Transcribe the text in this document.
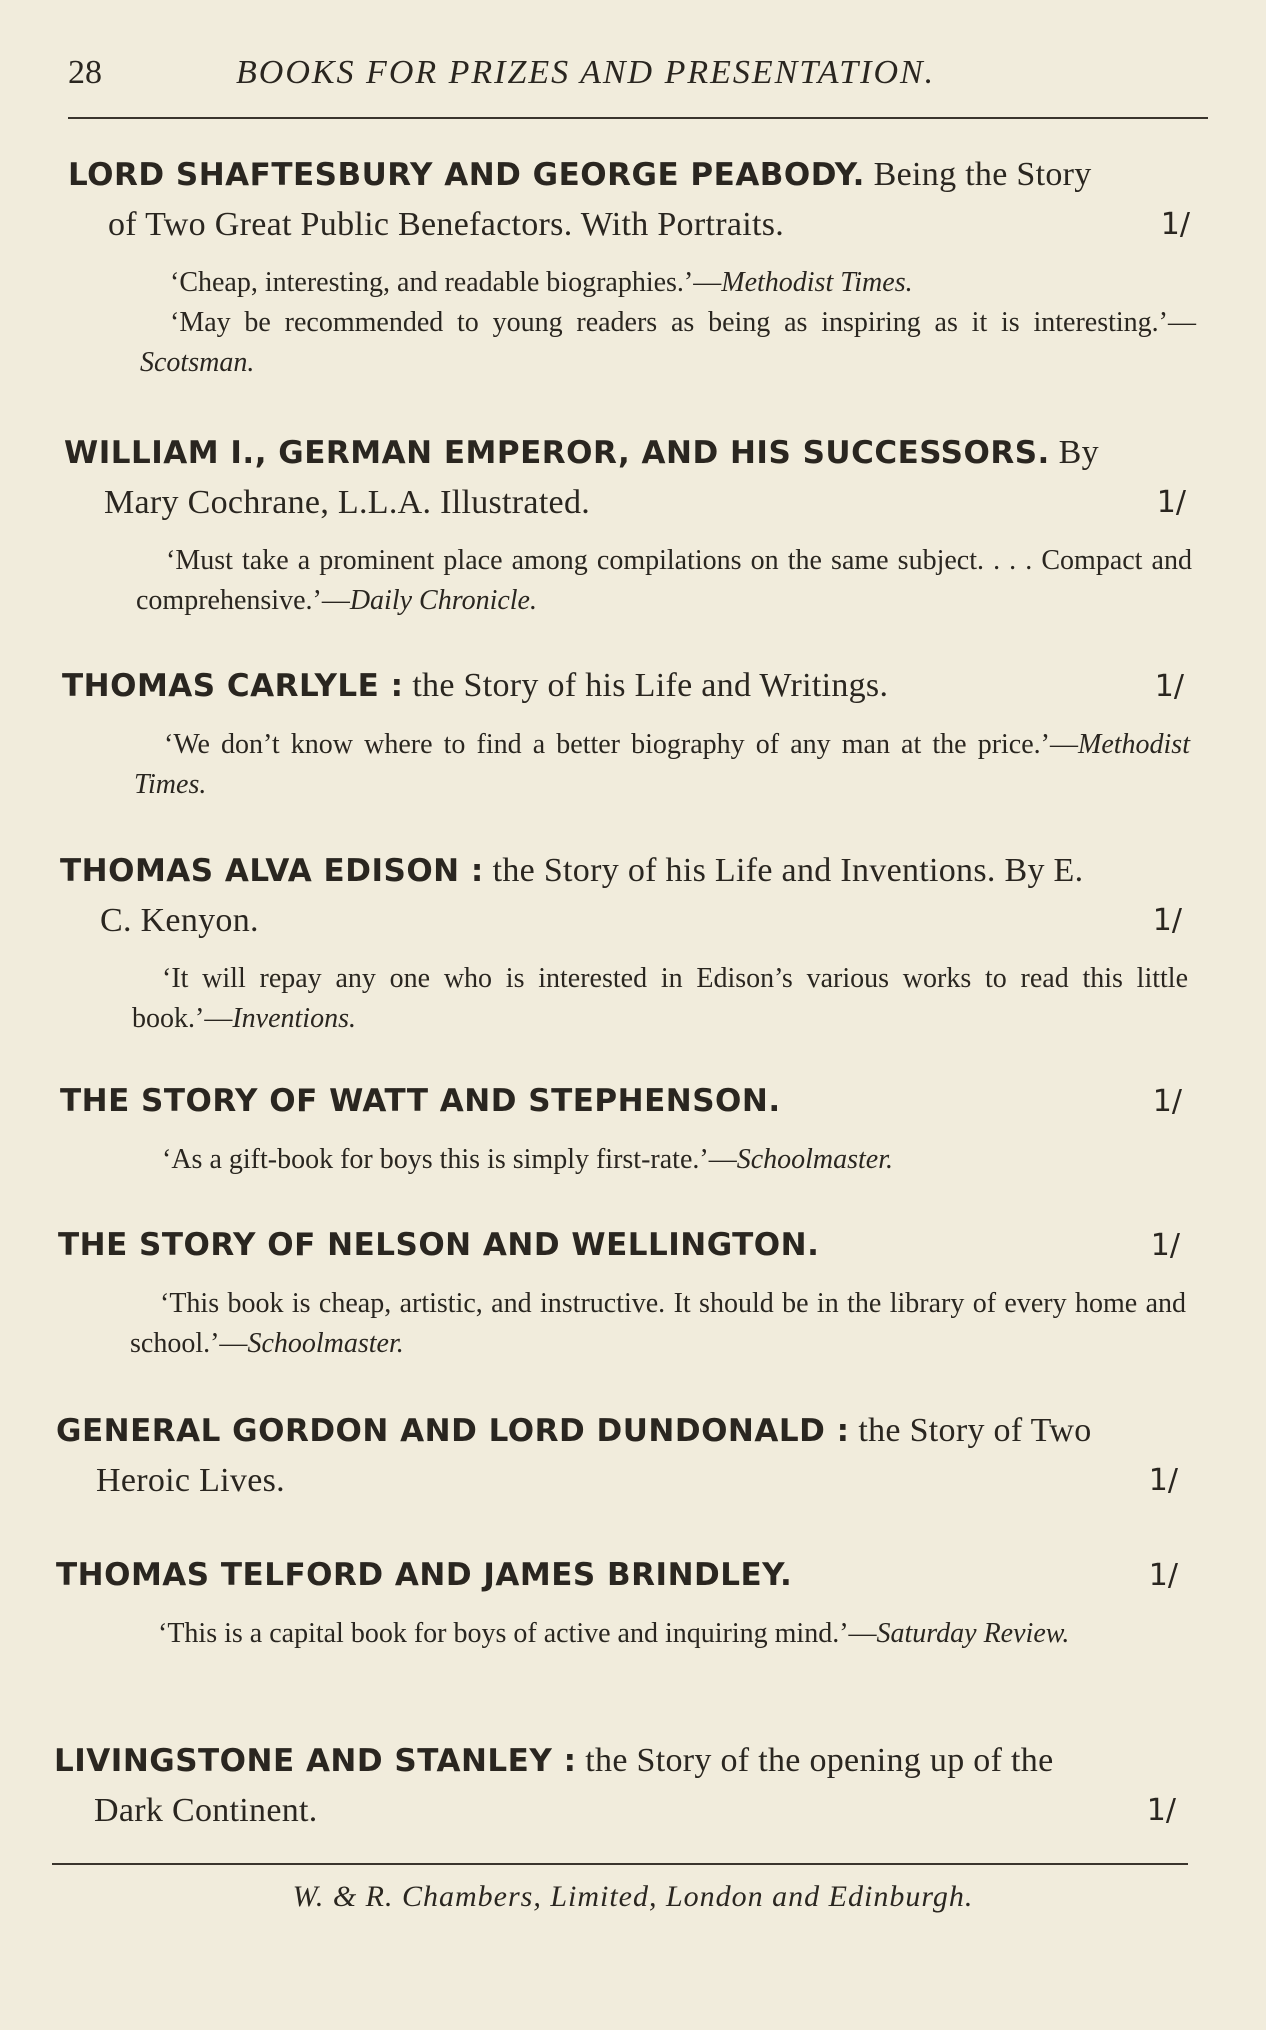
28	BOOKS FOR PRIZES AND PRESENTATION.
LORD SHAFTESBURY AND GEORGE PEABODY. Being the Story of Two Great Public Benefactors. With Portraits.	1/
‘Cheap, interesting, and readable biographies.’—Methodist Times.
‘May be recommended to young readers as being as inspiring as it is interesting.’—Scotsman.
WILLIAM I., GERMAN EMPEROR, AND HIS SUCCESSORS. By Mary Cochrane, L.L.A. Illustrated.	1/
‘Must take a prominent place among compilations on the same subject. . . . Compact and comprehensive.’—Daily Chronicle.
THOMAS CARLYLE : the Story of his Life and Writings.	1/
‘We don’t know where to find a better biography of any man at the price.’—Methodist Times.
THOMAS ALVA EDISON : the Story of his Life and Inventions. By E. C. Kenyon.	1/
‘It will repay any one who is interested in Edison’s various works to read this little book.’—Inventions.
THE STORY OF WATT AND STEPHENSON.	1/
‘As a gift-book for boys this is simply first-rate.’—Schoolmaster.
THE STORY OF NELSON AND WELLINGTON.	1/
‘This book is cheap, artistic, and instructive. It should be in the library of every home and school.’—Schoolmaster.
GENERAL GORDON AND LORD DUNDONALD : the Story of Two Heroic Lives.	1/
THOMAS TELFORD AND JAMES BRINDLEY.	1/
‘This is a capital book for boys of active and inquiring mind.’—Saturday Review.
LIVINGSTONE AND STANLEY : the Story of the opening up of the Dark Continent.	1/
W. & R. Chambers, Limited, London and Edinburgh.
